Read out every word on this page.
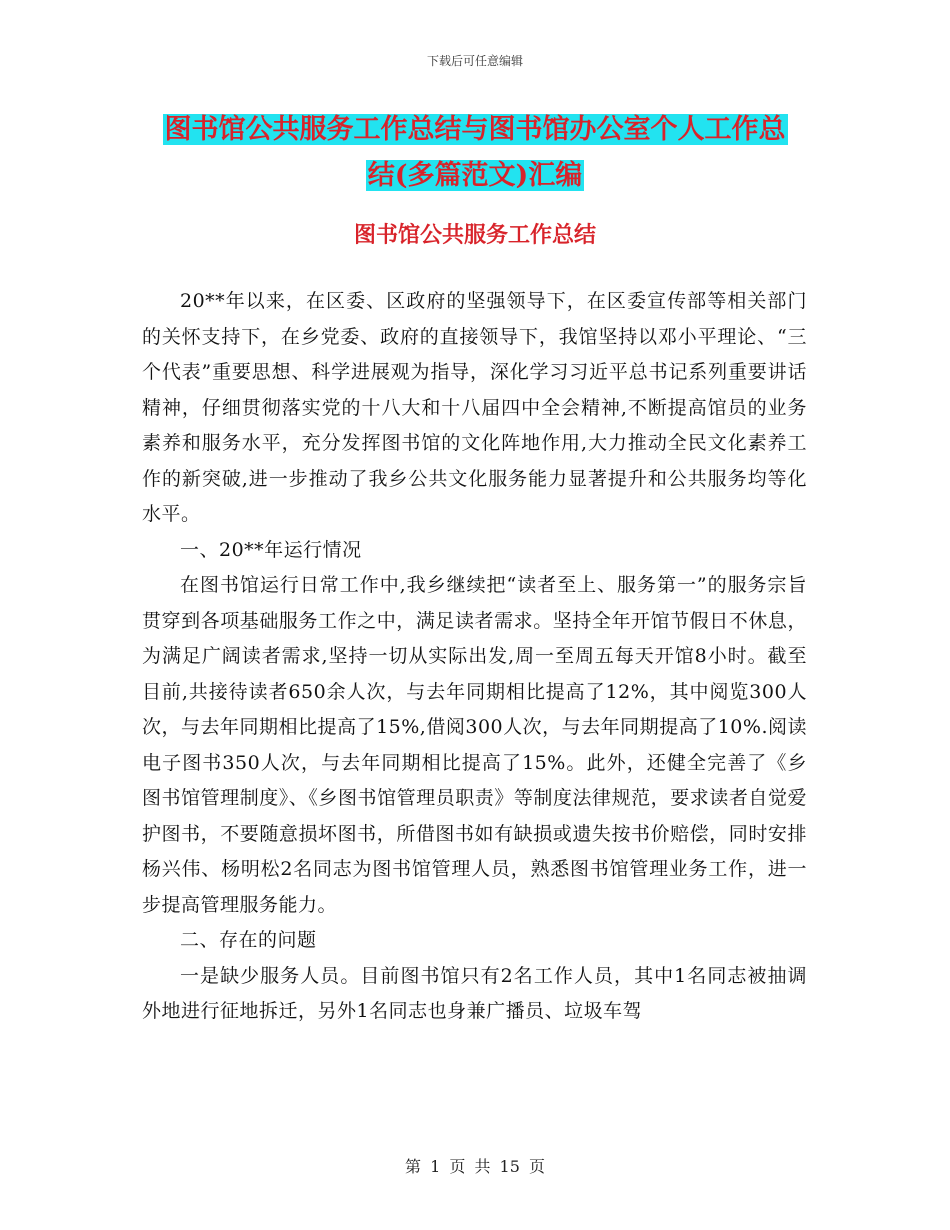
下载后可任意编辑
图书馆公共服务工作总结与图书馆办公室个人工作总
结(多篇范文)汇编
图书馆公共服务工作总结

20**年以来，在区委、区政府的坚强领导下，在区委宣传部等相关部门的关怀支持下，在乡党委、政府的直接领导下，我馆坚持以邓小平理论、“三个代表”重要思想、科学进展观为指导，深化学习习近平总书记系列重要讲话精神，仔细贯彻落实党的十八大和十八届四中全会精神,不断提高馆员的业务素养和服务水平，充分发挥图书馆的文化阵地作用,大力推动全民文化素养工作的新突破,进一步推动了我乡公共文化服务能力显著提升和公共服务均等化水平。

一、20**年运行情况

在图书馆运行日常工作中,我乡继续把“读者至上、服务第一”的服务宗旨贯穿到各项基础服务工作之中，满足读者需求。坚持全年开馆节假日不休息，为满足广阔读者需求,坚持一切从实际出发,周一至周五每天开馆8小时。截至目前,共接待读者650余人次，与去年同期相比提高了12%，其中阅览300人次，与去年同期相比提高了15%,借阅300人次，与去年同期提高了10%.阅读电子图书350人次，与去年同期相比提高了15%。此外，还健全完善了《乡图书馆管理制度》、《乡图书馆管理员职责》等制度法律规范，要求读者自觉爱护图书，不要随意损坏图书，所借图书如有缺损或遗失按书价赔偿，同时安排杨兴伟、杨明松2名同志为图书馆管理人员，熟悉图书馆管理业务工作，进一步提高管理服务能力。

二、存在的问题

一是缺少服务人员。目前图书馆只有2名工作人员，其中1名同志被抽调外地进行征地拆迁，另外1名同志也身兼广播员、垃圾车驾

第 1 页 共 15 页
